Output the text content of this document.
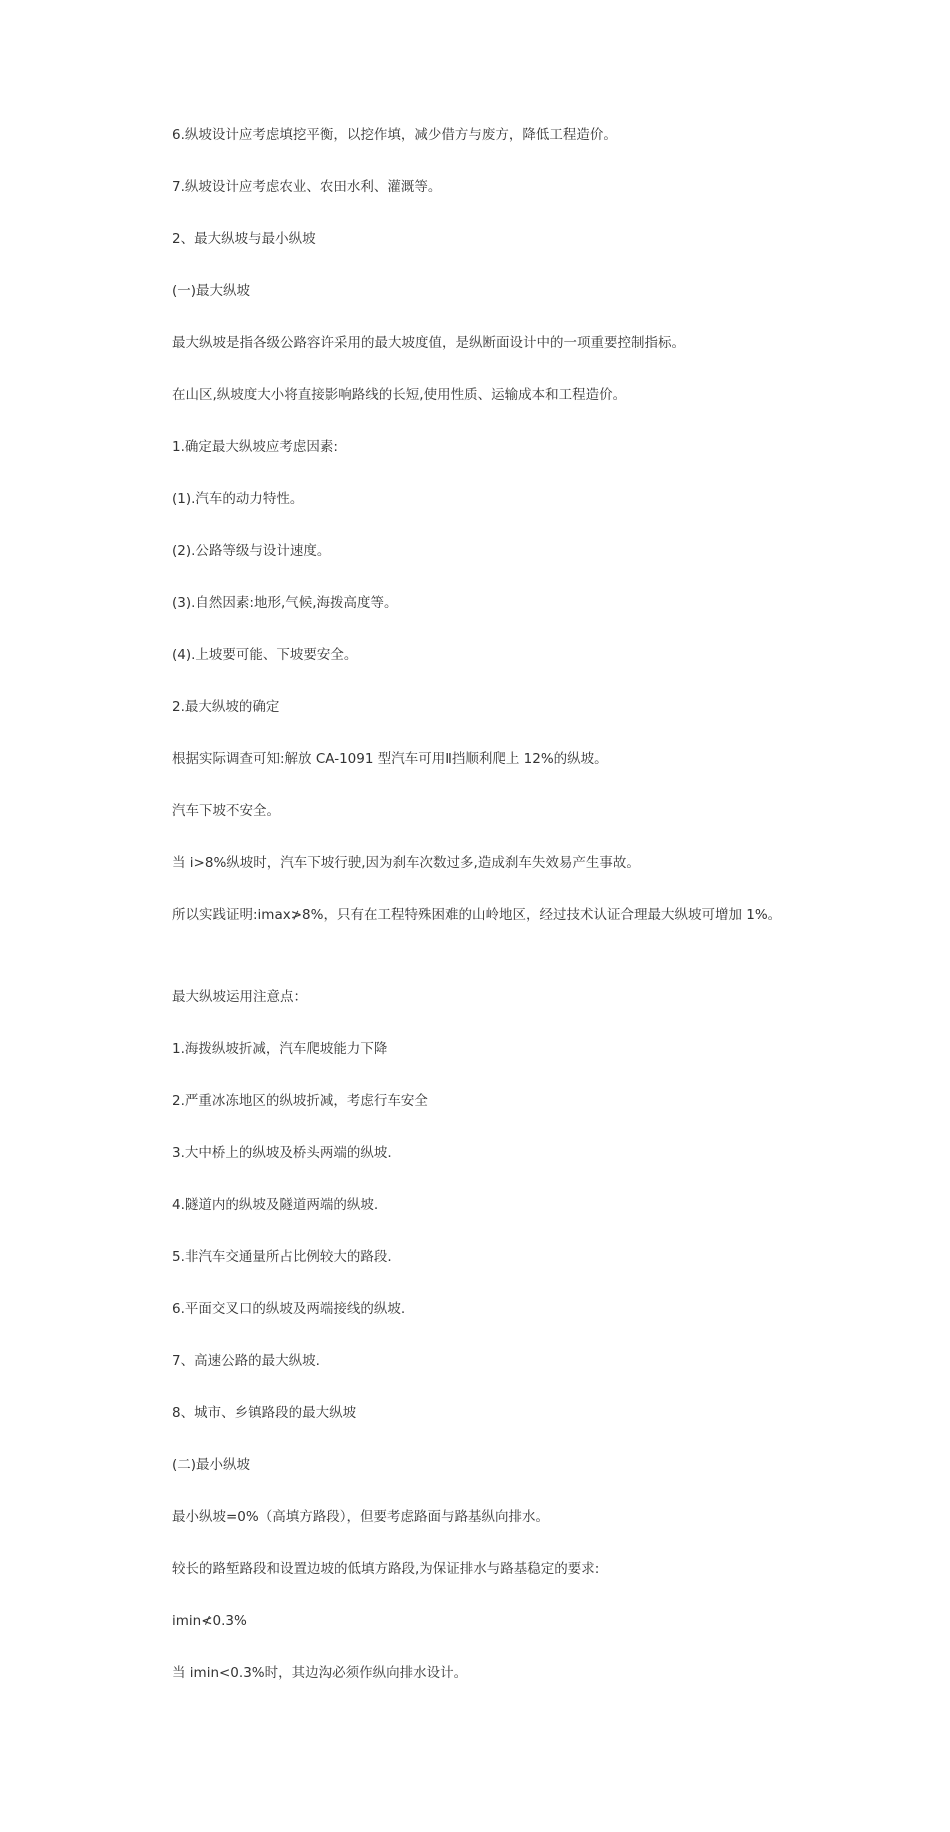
6.纵坡设计应考虑填挖平衡，以挖作填，减少借方与废方，降低工程造价。
7.纵坡设计应考虑农业、农田水利、灌溉等。
2、最大纵坡与最小纵坡
(一)最大纵坡
最大纵坡是指各级公路容许采用的最大坡度值，是纵断面设计中的一项重要控制指标。
在山区,纵坡度大小将直接影响路线的长短,使用性质、运输成本和工程造价。
1.确定最大纵坡应考虑因素:
(1).汽车的动力特性。
(2).公路等级与设计速度。
(3).自然因素:地形,气候,海拨高度等。
(4).上坡要可能、下坡要安全。
2.最大纵坡的确定
根据实际调查可知:解放 CA-1091 型汽车可用Ⅱ挡顺利爬上 12%的纵坡。
汽车下坡不安全。
当 i>8%纵坡时，汽车下坡行驶,因为刹车次数过多,造成刹车失效易产生事故。
所以实践证明:imax≯8%，只有在工程特殊困难的山岭地区，经过技术认证合理最大纵坡可增加 1%。
最大纵坡运用注意点：
1.海拨纵坡折减，汽车爬坡能力下降
2.严重冰冻地区的纵坡折减，考虑行车安全
3.大中桥上的纵坡及桥头两端的纵坡.
4.隧道内的纵坡及隧道两端的纵坡.
5.非汽车交通量所占比例较大的路段.
6.平面交叉口的纵坡及两端接线的纵坡.
7、高速公路的最大纵坡.
8、城市、乡镇路段的最大纵坡
(二)最小纵坡
最小纵坡=0%（高填方路段），但要考虑路面与路基纵向排水。
较长的路堑路段和设置边坡的低填方路段,为保证排水与路基稳定的要求:
imin≮0.3%
当 imin<0.3%时，其边沟必须作纵向排水设计。
